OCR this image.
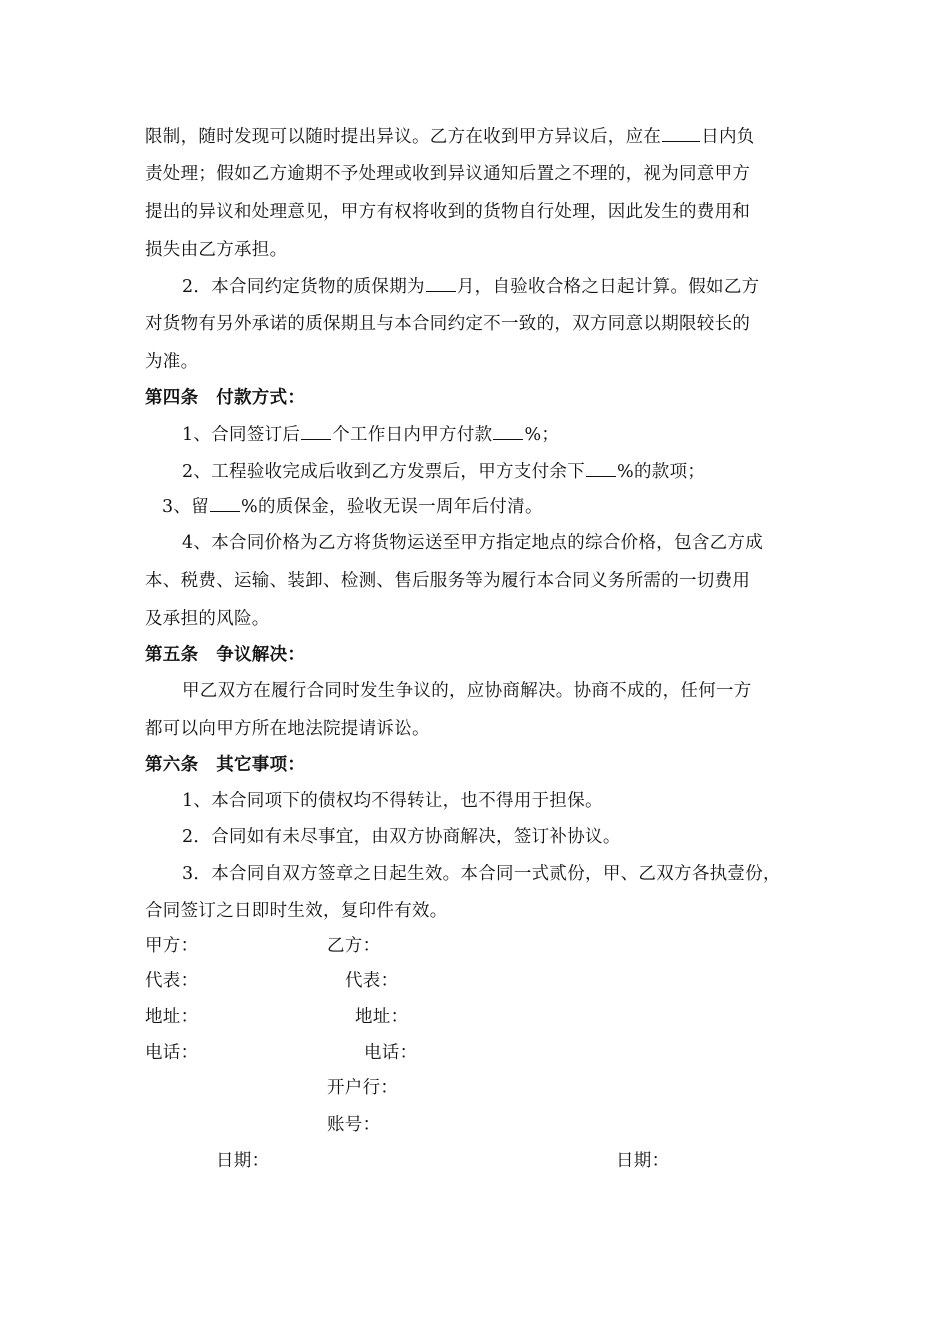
限制，随时发现可以随时提出异议。乙方在收到甲方异议后，应在 日内负
责处理；假如乙方逾期不予处理或收到异议通知后置之不理的，视为同意甲方
提出的异议和处理意见，甲方有权将收到的货物自行处理，因此发生的费用和
损失由乙方承担。
2．本合同约定货物的质保期为 月，自验收合格之日起计算。假如乙方
对货物有另外承诺的质保期且与本合同约定不一致的，双方同意以期限较长的
为准。
第四条　付款方式：
1、合同签订后 个工作日内甲方付款 %；
2、工程验收完成后收到乙方发票后，甲方支付余下 %的款项；
3、留 %的质保金，验收无误一周年后付清。
4、本合同价格为乙方将货物运送至甲方指定地点的综合价格，包含乙方成
本、税费、运输、装卸、检测、售后服务等为履行本合同义务所需的一切费用
及承担的风险。
第五条　争议解决：
甲乙双方在履行合同时发生争议的，应协商解决。协商不成的，任何一方
都可以向甲方所在地法院提请诉讼。
第六条　其它事项：
1、本合同项下的债权均不得转让，也不得用于担保。
2．合同如有未尽事宜，由双方协商解决，签订补协议。
3．本合同自双方签章之日起生效。本合同一式贰份，甲、乙双方各执壹份，
合同签订之日即时生效，复印件有效。
甲方：	乙方：
代表：	代表：
地址：	地址：
电话：	电话：
开户行：
账号：
日期：	日期：
